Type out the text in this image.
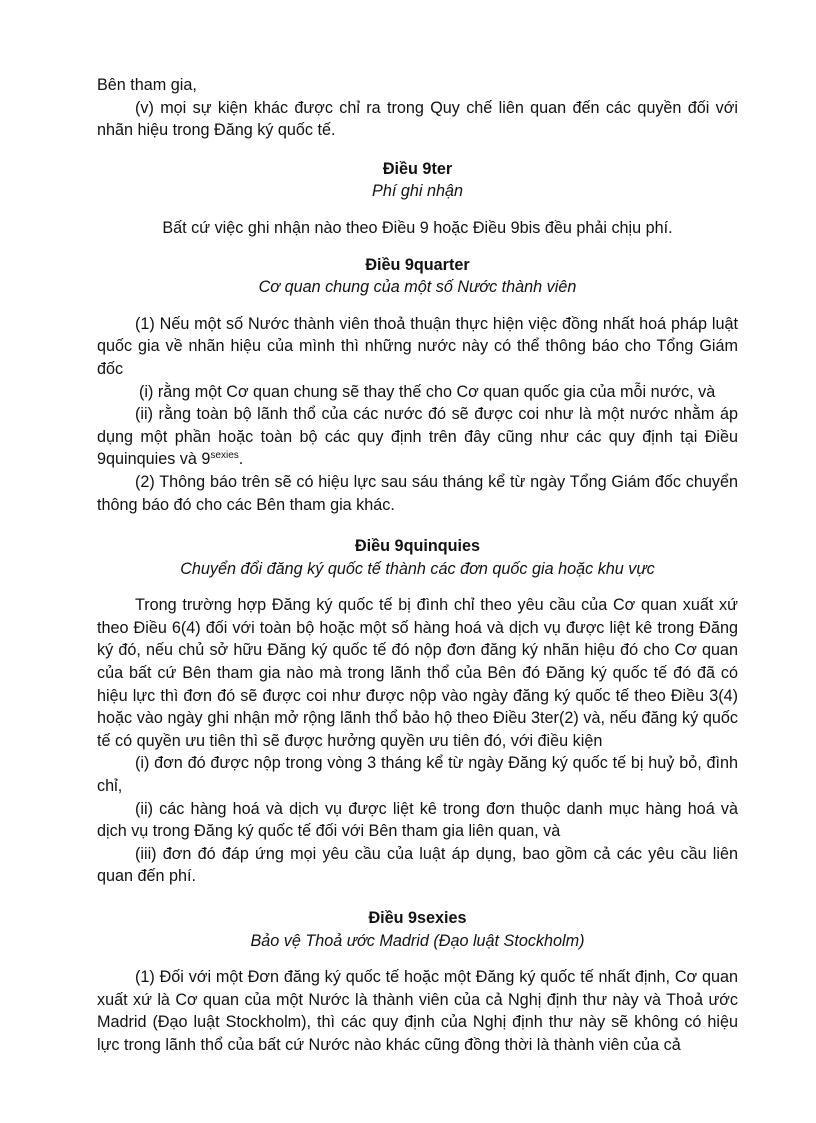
Bên tham gia,

(v) mọi sự kiện khác được chỉ ra trong Quy chế liên quan đến các quyền đối với nhãn hiệu trong Đăng ký quốc tế.

Điều 9ter

Phí ghi nhận

Bất cứ việc ghi nhận nào theo Điều 9 hoặc Điều 9bis đều phải chịu phí.

Điều 9quarter

Cơ quan chung của một số Nước thành viên

(1) Nếu một số Nước thành viên thoả thuận thực hiện việc đồng nhất hoá pháp luật quốc gia về nhãn hiệu của mình thì những nước này có thể thông báo cho Tổng Giám đốc

(i) rằng một Cơ quan chung sẽ thay thế cho Cơ quan quốc gia của mỗi nước, và

(ii) rằng toàn bộ lãnh thổ của các nước đó sẽ được coi như là một nước nhằm áp dụng một phần hoặc toàn bộ các quy định trên đây cũng như các quy định tại Điều 9quinquies và $9^{sexies}$.

(2) Thông báo trên sẽ có hiệu lực sau sáu tháng kể từ ngày Tổng Giám đốc chuyển thông báo đó cho các Bên tham gia khác.

Điều 9quinquies

Chuyển đổi đăng ký quốc tế thành các đơn quốc gia hoặc khu vực

Trong trường hợp Đăng ký quốc tế bị đình chỉ theo yêu cầu của Cơ quan xuất xứ theo Điều 6(4) đối với toàn bộ hoặc một số hàng hoá và dịch vụ được liệt kê trong Đăng ký đó, nếu chủ sở hữu Đăng ký quốc tế đó nộp đơn đăng ký nhãn hiệu đó cho Cơ quan của bất cứ Bên tham gia nào mà trong lãnh thổ của Bên đó Đăng ký quốc tế đó đã có hiệu lực thì đơn đó sẽ được coi như được nộp vào ngày đăng ký quốc tế theo Điều 3(4) hoặc vào ngày ghi nhận mở rộng lãnh thổ bảo hộ theo Điều 3ter(2) và, nếu đăng ký quốc tế có quyền ưu tiên thì sẽ được hưởng quyền ưu tiên đó, với điều kiện

(i) đơn đó được nộp trong vòng 3 tháng kể từ ngày Đăng ký quốc tế bị huỷ bỏ, đình chỉ,

(ii) các hàng hoá và dịch vụ được liệt kê trong đơn thuộc danh mục hàng hoá và dịch vụ trong Đăng ký quốc tế đối với Bên tham gia liên quan, và

(iii) đơn đó đáp ứng mọi yêu cầu của luật áp dụng, bao gồm cả các yêu cầu liên quan đến phí.

Điều 9sexies

Bảo vệ Thoả ước Madrid (Đạo luật Stockholm)

(1) Đối với một Đơn đăng ký quốc tế hoặc một Đăng ký quốc tế nhất định, Cơ quan xuất xứ là Cơ quan của một Nước là thành viên của cả Nghị định thư này và Thoả ước Madrid (Đạo luật Stockholm), thì các quy định của Nghị định thư này sẽ không có hiệu lực trong lãnh thổ của bất cứ Nước nào khác cũng đồng thời là thành viên của cả
